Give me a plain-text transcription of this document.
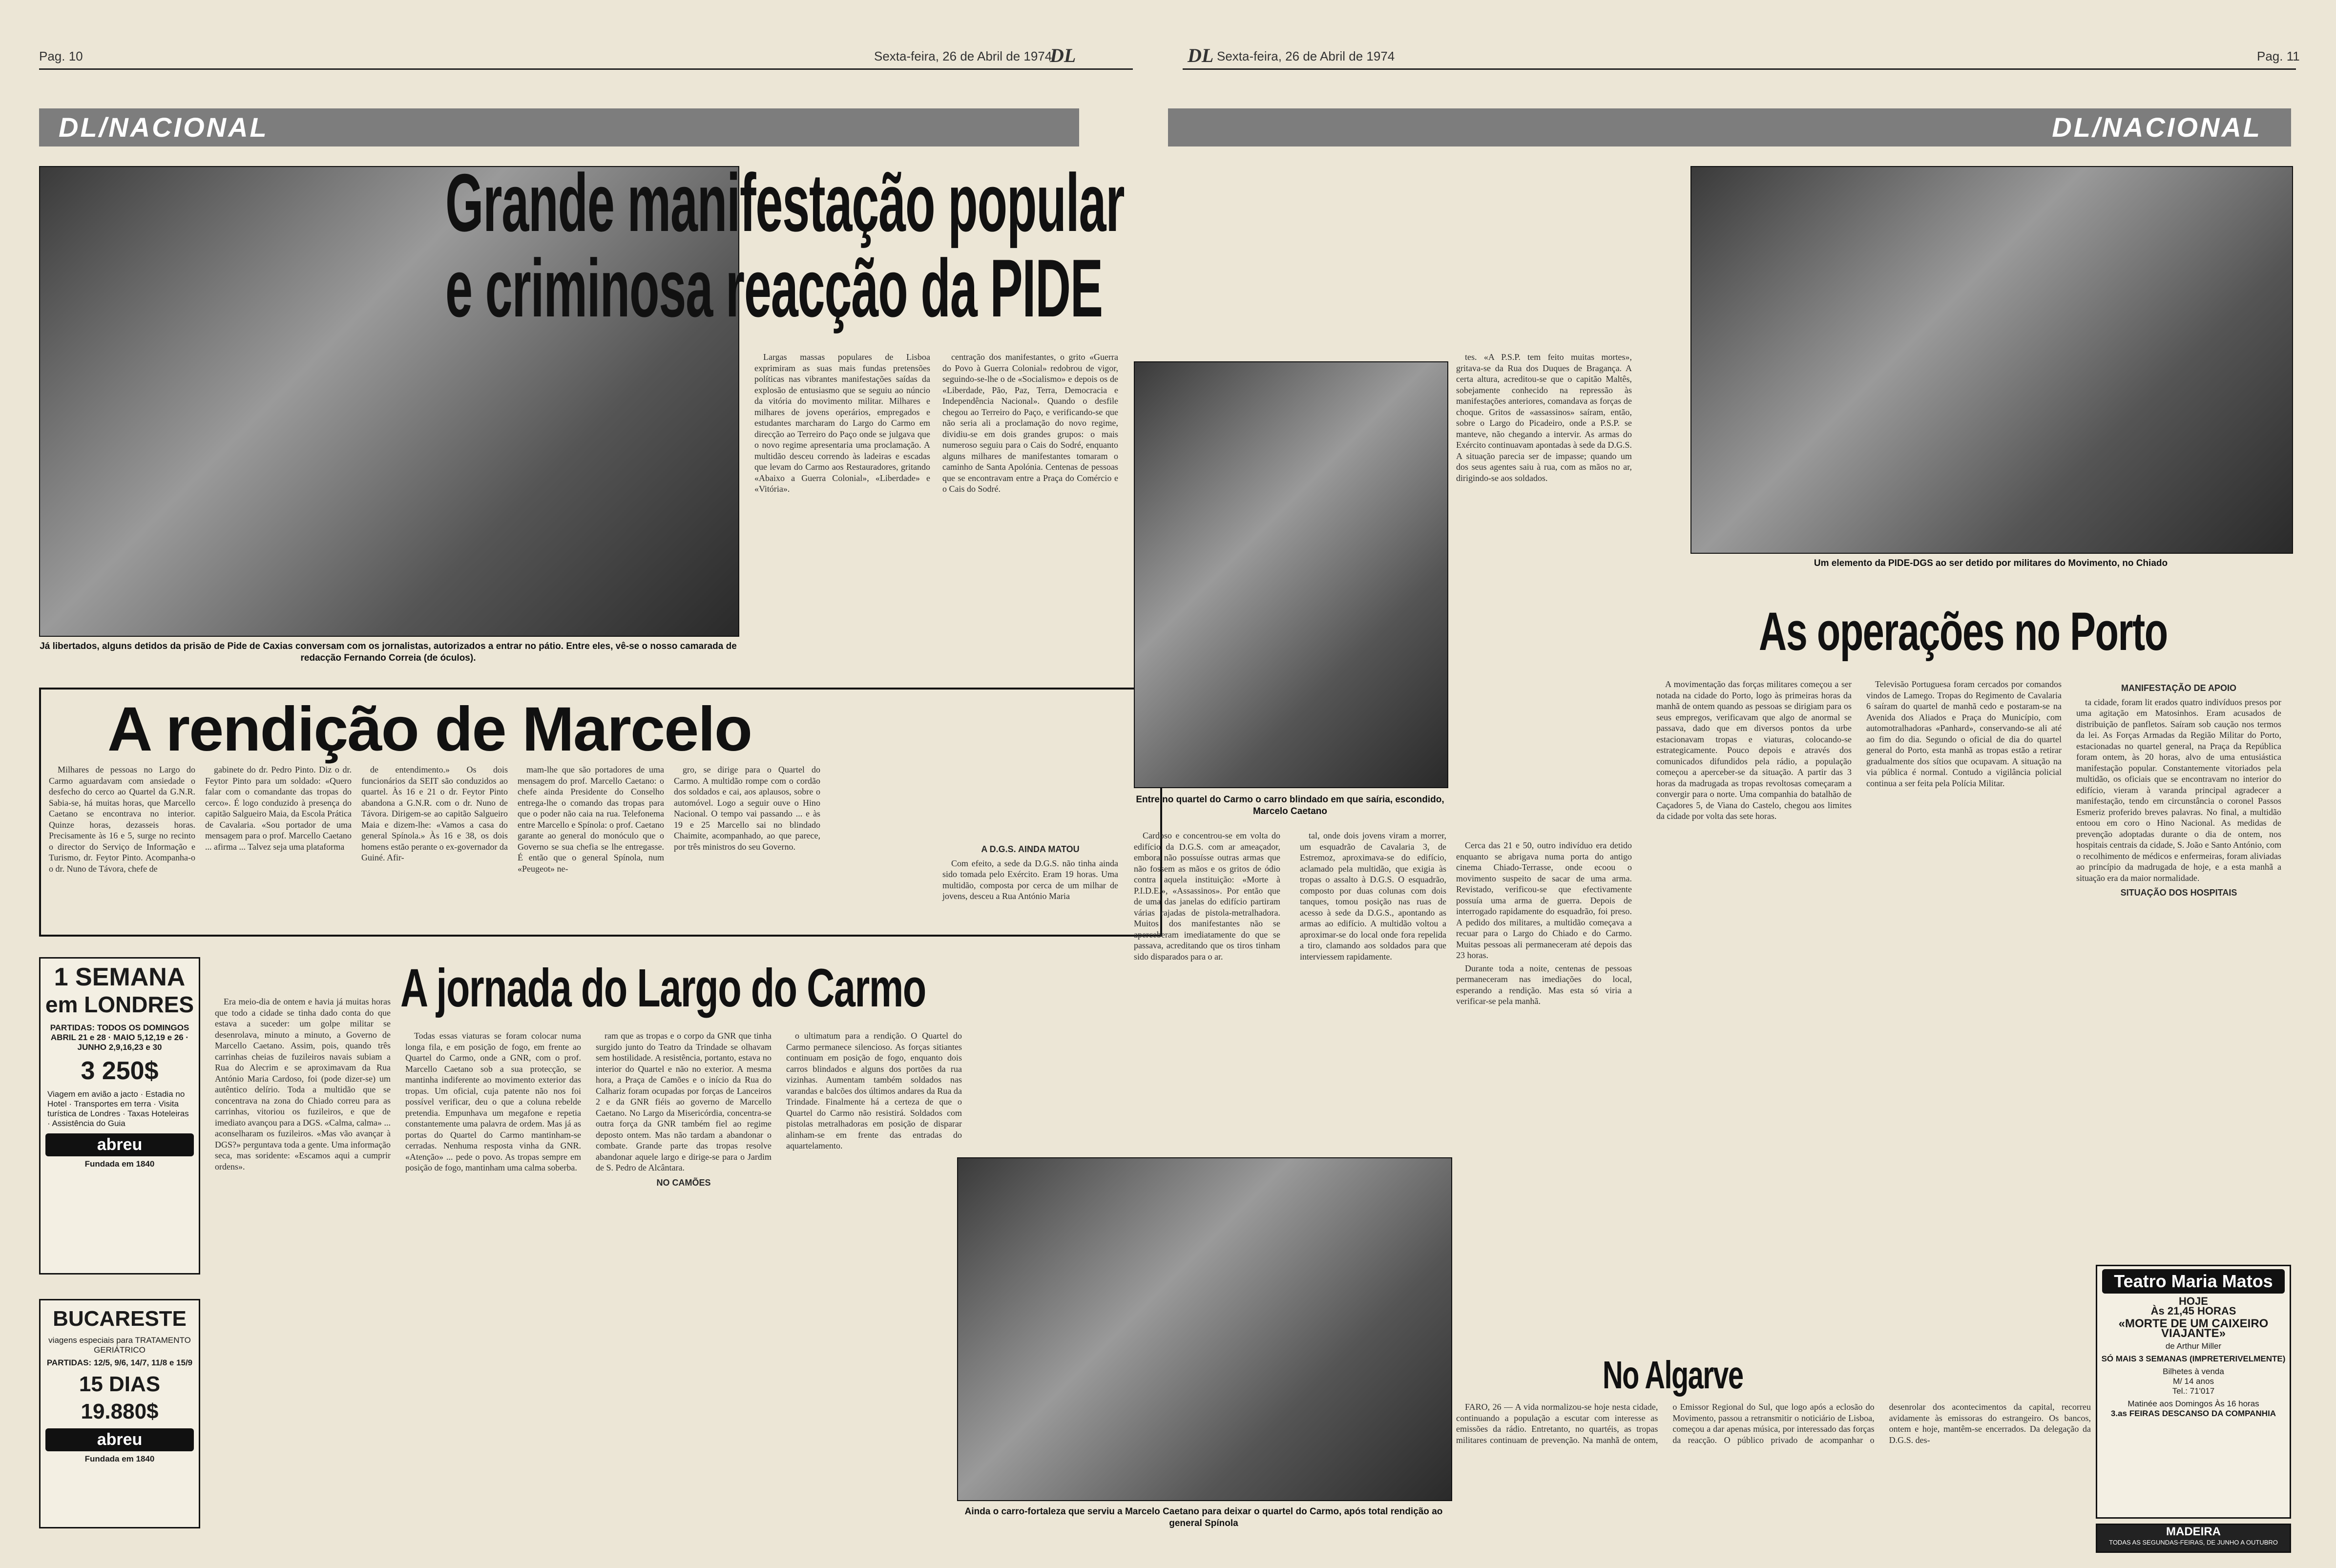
Pag. 10	Sexta-feira, 26 de Abril de 1974
DL
DL/NACIONAL
Já libertados, alguns detidos da prisão de Pide de Caxias conversam com os jornalistas, autorizados a entrar no pátio. Entre eles, vê-se o nosso camarada de redacção Fernando Correia (de óculos).
A rendição de Marcelo

Milhares de pessoas no Largo do Carmo aguardavam com ansiedade o desfecho do cerco ao Quartel da G.N.R. Sabia-se, há muitas horas, que Marcello Caetano se encontrava no interior. Quinze horas, dezasseis horas. Precisamente às 16 e 5, surge no recinto o director do Serviço de Informação e Turismo, dr. Feytor Pinto. Acompanha-o o dr. Nuno de Távora, chefe de

gabinete do dr. Pedro Pinto. Diz o dr. Feytor Pinto para um soldado: «Quero falar com o comandante das tropas do cerco». É logo conduzido à presença do capitão Salgueiro Maia, da Escola Prática de Cavalaria. «Sou portador de uma mensagem para o prof. Marcello Caetano ... afirma ... Talvez seja uma plataforma

de entendimento.» Os dois funcionários da SEIT são conduzidos ao quartel. Às 16 e 21 o dr. Feytor Pinto abandona a G.N.R. com o dr. Nuno de Távora. Dirigem-se ao capitão Salgueiro Maia e dizem-lhe: «Vamos a casa do general Spínola.» Às 16 e 38, os dois homens estão perante o ex-governador da Guiné. Afir-

mam-lhe que são portadores de uma mensagem do prof. Marcello Caetano: o chefe ainda Presidente do Conselho entrega-lhe o comando das tropas para que o poder não caia na rua. Telefonema entre Marcello e Spínola: o prof. Caetano garante ao general do monóculo que o Governo se sua chefia se lhe entregasse. É então que o general Spínola, num «Peugeot» ne-

gro, se dirige para o Quartel do Carmo. A multidão rompe com o cordão dos soldados e cai, aos aplausos, sobre o automóvel. Logo a seguir ouve o Hino Nacional. O tempo vai passando ... e às 19 e 25 Marcello sai no blindado Chaimite, acompanhado, ao que parece, por três ministros do seu Governo.

1 SEMANA
em LONDRES
PARTIDAS: TODOS OS DOMINGOS ABRIL 21 e 28 · MAIO 5,12,19 e 26 · JUNHO 2,9,16,23 e 30
3 250$
Viagem em avião a jacto · Estadia no Hotel · Transportes em terra · Visita turística de Londres · Taxas Hoteleiras · Assistência do Guia
abreu
Fundada em 1840
BUCARESTE
viagens especiais para TRATAMENTO GERIÁTRICO
PARTIDAS: 12/5, 9/6, 14/7, 11/8 e 15/9
15 DIAS
19.880$
abreu
Fundada em 1840
A jornada do Largo do Carmo

Era meio-dia de ontem e havia já muitas horas que todo a cidade se tinha dado conta do que estava a suceder: um golpe militar se desenrolava, minuto a minuto, a Governo de Marcello Caetano. Assim, pois, quando três carrinhas cheias de fuzileiros navais subiam a Rua do Alecrim e se aproximavam da Rua António Maria Cardoso, foi (pode dizer-se) um autêntico delírio. Toda a multidão que se concentrava na zona do Chiado correu para as carrinhas, vitoriou os fuzileiros, e que de imediato avançou para a DGS. «Calma, calma» ... aconselharam os fuzileiros. «Mas vão avançar à DGS?» perguntava toda a gente. Uma informação seca, mas soridente: «Escamos aqui a cumprir ordens».

Todas essas viaturas se foram colocar numa longa fila, e em posição de fogo, em frente ao Quartel do Carmo, onde a GNR, com o prof. Marcello Caetano sob a sua protecção, se mantinha indiferente ao movimento exterior das tropas. Um oficial, cuja patente não nos foi possível verificar, deu o que a coluna rebelde pretendia. Empunhava um megafone e repetia constantemente uma palavra de ordem. Mas já as portas do Quartel do Carmo mantinham-se cerradas. Nenhuma resposta vinha da GNR. «Atenção» ... pede o povo. As tropas sempre em posição de fogo, mantinham uma calma soberba.

ram que as tropas e o corpo da GNR que tinha surgido junto do Teatro da Trindade se olhavam sem hostilidade. A resistência, portanto, estava no interior do Quartel e não no exterior. A mesma hora, a Praça de Camões e o início da Rua do Calhariz foram ocupadas por forças de Lanceiros 2 e da GNR fiéis ao governo de Marcello Caetano. No Largo da Misericórdia, concentra-se outra força da GNR também fiel ao regime deposto ontem. Mas não tardam a abandonar o combate. Grande parte das tropas resolve abandonar aquele largo e dirige-se para o Jardim de S. Pedro de Alcântara.

NO CAMÕES

o ultimatum para a rendição. O Quartel do Carmo permanece silencioso. As forças sitiantes continuam em posição de fogo, enquanto dois carros blindados e alguns dos portões da rua vizinhas. Aumentam também soldados nas varandas e balcões dos últimos andares da Rua da Trindade. Finalmente há a certeza de que o Quartel do Carmo não resistirá. Soldados com pistolas metralhadoras em posição de disparar alinham-se em frente das entradas do aquartelamento.

DL Sexta-feira, 26 de Abril de 1974	Pag. 11
DL/NACIONAL
Grande manifestação popular
e criminosa reacção da PIDE
Um elemento da PIDE-DGS ao ser detido por militares do Movimento, no Chiado
Entre no quartel do Carmo o carro blindado em que saíria, escondido, Marcelo Caetano

tes. «A P.S.P. tem feito muitas mortes», gritava-se da Rua dos Duques de Bragança. A certa altura, acreditou-se que o capitão Maltês, sobejamente conhecido na repressão às manifestações anteriores, comandava as forças de choque. Gritos de «assassinos» saíram, então, sobre o Largo do Picadeiro, onde a P.S.P. se manteve, não chegando a intervir. As armas do Exército continuavam apontadas à sede da D.G.S. A situação parecia ser de impasse; quando um dos seus agentes saiu à rua, com as mãos no ar, dirigindo-se aos soldados.

Cardoso e concentrou-se em volta do edifício da D.G.S. com ar ameaçador, embora não possuísse outras armas que não fossem as mãos e os gritos de ódio contra aquela instituição: «Morte à P.I.D.E.», «Assassinos». Por então que de uma das janelas do edifício partiram várias rajadas de pistola-metralhadora. Muitos dos manifestantes não se aperceberam imediatamente do que se passava, acreditando que os tiros tinham sido disparados para o ar.

tal, onde dois jovens viram a morrer, um esquadrão de Cavalaria 3, de Estremoz, aproximava-se do edifício, aclamado pela multidão, que exigia às tropas o assalto à D.G.S. O esquadrão, composto por duas colunas com dois tanques, tomou posição nas ruas de acesso à sede da D.G.S., apontando as armas ao edifício. A multidão voltou a aproximar-se do local onde fora repelida a tiro, clamando aos soldados para que interviessem rapidamente.

Cerca das 21 e 50, outro indivíduo era detido enquanto se abrigava numa porta do antigo cinema Chiado-Terrasse, onde ecoou o movimento suspeito de sacar de uma arma. Revistado, verificou-se que efectivamente possuía uma arma de guerra. Depois de interrogado rapidamente do esquadrão, foi preso. A pedido dos militares, a multidão começava a recuar para o Largo do Chiado e do Carmo. Muitas pessoas ali permaneceram até depois das 23 horas.

Durante toda a noite, centenas de pessoas permaneceram nas imediações do local, esperando a rendição. Mas esta só viria a verificar-se pela manhã.

As operações no Porto

A movimentação das forças militares começou a ser notada na cidade do Porto, logo às primeiras horas da manhã de ontem quando as pessoas se dirigiam para os seus empregos, verificavam que algo de anormal se passava, dado que em diversos pontos da urbe estacionavam tropas e viaturas, colocando-se estrategicamente. Pouco depois e através dos comunicados difundidos pela rádio, a população começou a aperceber-se da situação. A partir das 3 horas da madrugada as tropas revoltosas começaram a convergir para o norte. Uma companhia do batalhão de Caçadores 5, de Viana do Castelo, chegou aos limites da cidade por volta das sete horas.

Televisão Portuguesa foram cercados por comandos vindos de Lamego. Tropas do Regimento de Cavalaria 6 saíram do quartel de manhã cedo e postaram-se na Avenida dos Aliados e Praça do Município, com automotralhadoras «Panhard», conservando-se ali até ao fim do dia. Segundo o oficial de dia do quartel general do Porto, esta manhã as tropas estão a retirar gradualmente dos sítios que ocupavam. A situação na via pública é normal. Contudo a vigilância policial continua a ser feita pela Polícia Militar.

MANIFESTAÇÃO DE APOIO

ta cidade, foram lit erados quatro indivíduos presos por uma agitação em Matosinhos. Eram acusados de distribuição de panfletos. Saíram sob caução nos termos da lei. As Forças Armadas da Região Militar do Porto, estacionadas no quartel general, na Praça da República foram ontem, às 20 horas, alvo de uma entusiástica manifestação popular. Constantemente vitoriados pela multidão, os oficiais que se encontravam no interior do edifício, vieram à varanda principal agradecer a manifestação, tendo em circunstância o coronel Passos Esmeriz proferido breves palavras. No final, a multidão entoou em coro o Hino Nacional. As medidas de prevenção adoptadas durante o dia de ontem, nos hospitais centrais da cidade, S. João e Santo António, com o recolhimento de médicos e enfermeiras, foram aliviadas ao princípio da madrugada de hoje, e a esta manhã a situação era da maior normalidade.

SITUAÇÃO DOS HOSPITAIS
Ainda o carro-fortaleza que serviu a Marcelo Caetano para deixar o quartel do Carmo, após total rendição ao general Spínola
No Algarve

FARO, 26 — A vida normalizou-se hoje nesta cidade, continuando a população a escutar com interesse as emissões da rádio. Entretanto, no quartéis, as tropas militares continuam de prevenção. Na manhã de ontem, o Emissor Regional do Sul, que logo após a eclosão do Movimento, passou a retransmitir o noticiário de Lisboa, começou a dar apenas música, por interessado das forças da reacção. O público privado de acompanhar o desenrolar dos acontecimentos da capital, recorreu avidamente às emissoras do estrangeiro. Os bancos, ontem e hoje, mantêm-se encerrados. Da delegação da D.G.S. des-

Teatro Maria Matos
HOJE
Às 21,45 HORAS
«MORTE DE UM CAIXEIRO VIAJANTE»
de Arthur Miller
SÓ MAIS 3 SEMANAS (IMPRETERIVELMENTE)
Bilhetes à venda
M/ 14 anos
Tel.: 71'017
Matinée aos Domingos Às 16 horas
3.as FEIRAS DESCANSO DA COMPANHIA
MADEIRA
TODAS AS SEGUNDAS-FEIRAS, DE JUNHO A OUTUBRO

Largas massas populares de Lisboa exprimiram as suas mais fundas pretensões políticas nas vibrantes manifestações saídas da explosão de entusiasmo que se seguiu ao núncio da vitória do movimento militar. Milhares e milhares de jovens operários, empregados e estudantes marcharam do Largo do Carmo em direcção ao Terreiro do Paço onde se julgava que o novo regime apresentaria uma proclamação. A multidão desceu correndo às ladeiras e escadas que levam do Carmo aos Restauradores, gritando «Abaixo a Guerra Colonial», «Liberdade» e «Vitória».

centração dos manifestantes, o grito «Guerra do Povo à Guerra Colonial» redobrou de vigor, seguindo-se-lhe o de «Socialismo» e depois os de «Liberdade, Pão, Paz, Terra, Democracia e Independência Nacional». Quando o desfile chegou ao Terreiro do Paço, e verificando-se que não seria ali a proclamação do novo regime, dividiu-se em dois grandes grupos: o mais numeroso seguiu para o Cais do Sodré, enquanto alguns milhares de manifestantes tomaram o caminho de Santa Apolónia. Centenas de pessoas que se encontravam entre a Praça do Comércio e o Cais do Sodré.

A D.G.S. AINDA MATOU

Com efeito, a sede da D.G.S. não tinha ainda sido tomada pelo Exército. Eram 19 horas. Uma multidão, composta por cerca de um milhar de jovens, desceu a Rua António Maria
